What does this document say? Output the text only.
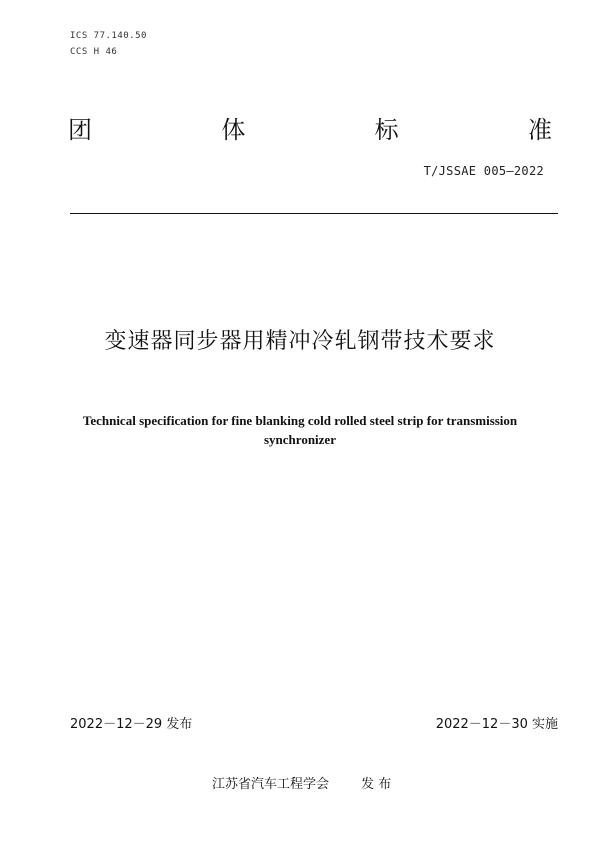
ICS 77.140.50
CCS H 46
团	体	标	准
T/JSSAE 005—2022
变速器同步器用精冲冷轧钢带技术要求
Technical specification for fine blanking cold rolled steel strip for transmission synchronizer
2022－12－29 发布	2022－12－30 实施
江苏省汽车工程学会 发 布
